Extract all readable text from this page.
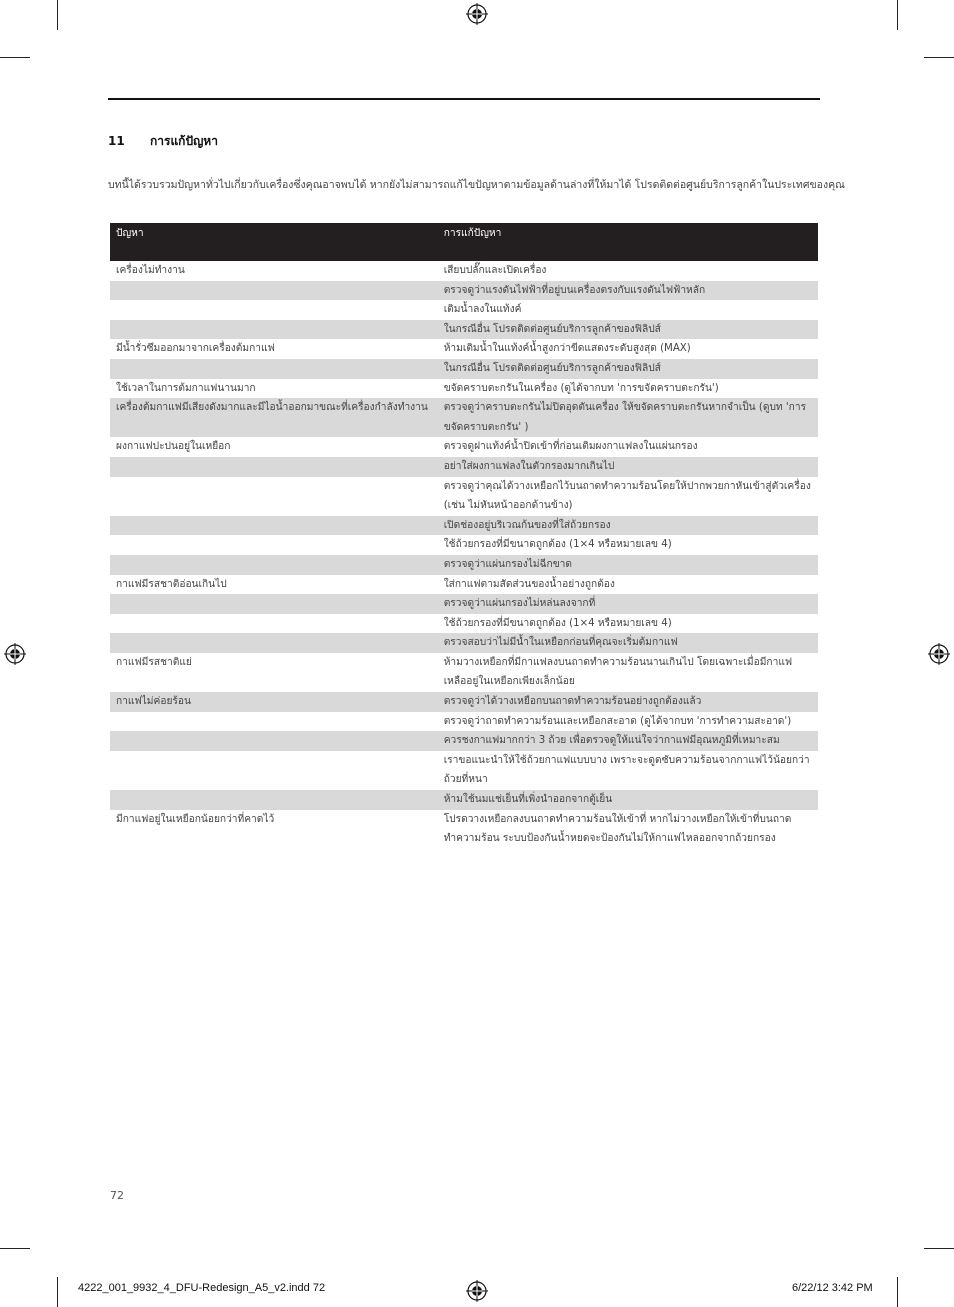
11 การแก้ปัญหา
บทนี้ได้รวบรวมปัญหาทั่วไปเกี่ยวกับเครื่องซึ่งคุณอาจพบได้ หากยังไม่สามารถแก้ไขปัญหาตามข้อมูลด้านล่างที่ให้มาได้ โปรดติดต่อศูนย์บริการลูกค้าในประเทศของคุณ
ปัญหา	การแก้ปัญหา
เครื่องไม่ทำงาน	เสียบปลั๊กและเปิดเครื่อง
	ตรวจดูว่าแรงดันไฟฟ้าที่อยู่บนเครื่องตรงกับแรงดันไฟฟ้าหลัก
	เติมน้ำลงในแท้งค์
	ในกรณีอื่น โปรดติดต่อศูนย์บริการลูกค้าของฟิลิปส์
มีน้ำรั่วซึมออกมาจากเครื่องต้มกาแฟ	ห้ามเติมน้ำในแท้งค์น้ำสูงกว่าขีดแสดงระดับสูงสุด (MAX)
	ในกรณีอื่น โปรดติดต่อศูนย์บริการลูกค้าของฟิลิปส์
ใช้เวลาในการต้มกาแฟนานมาก	ขจัดคราบตะกรันในเครื่อง (ดูได้จากบท 'การขจัดคราบตะกรัน')
เครื่องต้มกาแฟมีเสียงดังมากและมีไอน้ำออกมาขณะที่เครื่องกำลังทำงาน	ตรวจดูว่าคราบตะกรันไม่ปิดอุดตันเครื่อง ให้ขจัดคราบตะกรันหากจำเป็น (ดูบท 'การขจัดคราบตะกรัน' )
ผงกาแฟปะปนอยู่ในเหยือก	ตรวจดูฝาแท้งค์น้ำปิดเข้าที่ก่อนเติมผงกาแฟลงในแผ่นกรอง
	อย่าใส่ผงกาแฟลงในตัวกรองมากเกินไป
	ตรวจดูว่าคุณได้วางเหยือกไว้บนถาดทำความร้อนโดยให้ปากพวยกาหันเข้าสู่ตัวเครื่อง (เช่น ไม่หันหน้าออกด้านข้าง)
	เปิดช่องอยู่บริเวณก้นของที่ใส่ถ้วยกรอง
	ใช้ถ้วยกรองที่มีขนาดถูกต้อง (1×4 หรือหมายเลข 4)
	ตรวจดูว่าแผ่นกรองไม่ฉีกขาด
กาแฟมีรสชาติอ่อนเกินไป	ใส่กาแฟตามสัดส่วนของน้ำอย่างถูกต้อง
	ตรวจดูว่าแผ่นกรองไม่หล่นลงจากที่
	ใช้ถ้วยกรองที่มีขนาดถูกต้อง (1×4 หรือหมายเลข 4)
	ตรวจสอบว่าไม่มีน้ำในเหยือกก่อนที่คุณจะเริ่มต้มกาแฟ
กาแฟมีรสชาติแย่	ห้ามวางเหยือกที่มีกาแฟลงบนถาดทำความร้อนนานเกินไป โดยเฉพาะเมื่อมีกาแฟเหลืออยู่ในเหยือกเพียงเล็กน้อย
กาแฟไม่ค่อยร้อน	ตรวจดูว่าได้วางเหยือกบนถาดทำความร้อนอย่างถูกต้องแล้ว
	ตรวจดูว่าถาดทำความร้อนและเหยือกสะอาด (ดูได้จากบท 'การทำความสะอาด')
	ควรชงกาแฟมากกว่า 3 ถ้วย เพื่อตรวจดูให้แน่ใจว่ากาแฟมีอุณหภูมิที่เหมาะสม
	เราขอแนะนำให้ใช้ถ้วยกาแฟแบบบาง เพราะจะดูดซับความร้อนจากกาแฟไว้น้อยกว่าถ้วยที่หนา
	ห้ามใช้นมแช่เย็นที่เพิ่งนำออกจากตู้เย็น
มีกาแฟอยู่ในเหยือกน้อยกว่าที่คาดไว้	โปรดวางเหยือกลงบนถาดทำความร้อนให้เข้าที่ หากไม่วางเหยือกให้เข้าที่บนถาดทำความร้อน ระบบป้องกันน้ำหยดจะป้องกันไม่ให้กาแฟไหลออกจากถ้วยกรอง
72
4222_001_9932_4_DFU-Redesign_A5_v2.indd 72	6/22/12 3:42 PM
